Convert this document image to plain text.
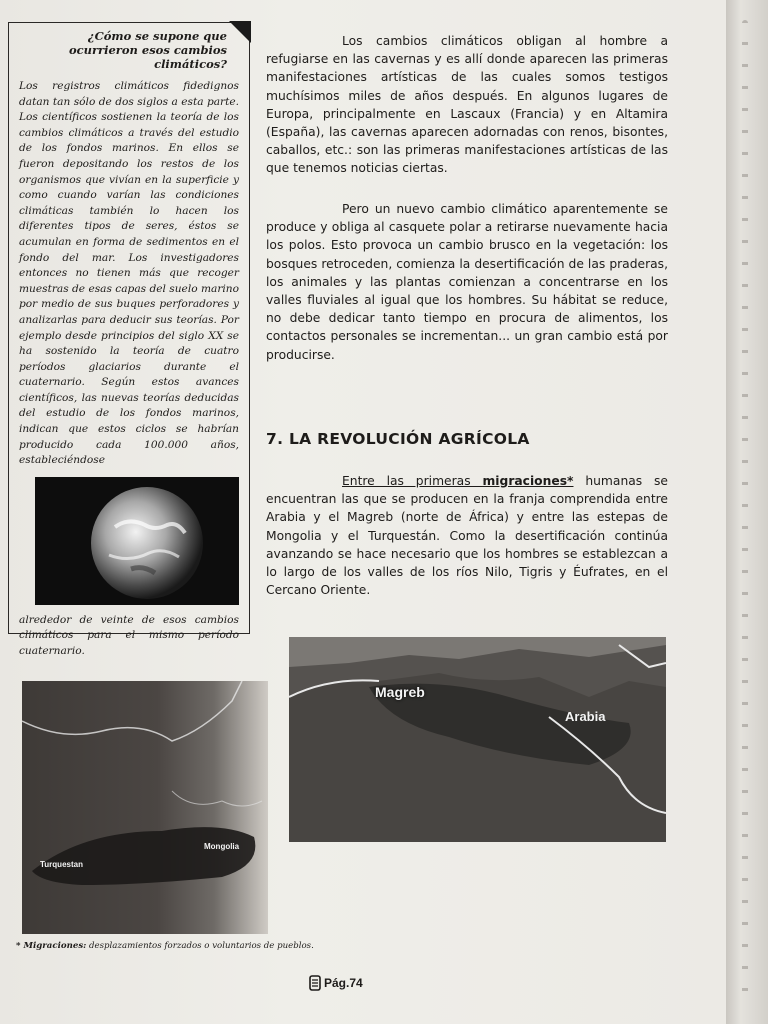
¿Cómo se supone que ocurrieron esos cambios climáticos?

Los registros climáticos fidedignos datan tan sólo de dos siglos a esta parte. Los científicos sostienen la teoría de los cambios climáticos a través del estudio de los fondos marinos. En ellos se fueron depositando los restos de los organismos que vivían en la superficie y como cuando varían las condiciones climáticas también lo hacen los diferentes tipos de seres, éstos se acumulan en forma de sedimentos en el fondo del mar. Los investigadores entonces no tienen más que recoger muestras de esas capas del suelo marino por medio de sus buques perforadores y analizarlas para deducir sus teorías. Por ejemplo desde principios del siglo XX se ha sostenido la teoría de cuatro períodos glaciarios durante el cuaternario. Según estos avances científicos, las nuevas teorías deducidas del estudio de los fondos marinos, indican que estos ciclos se habrían producido cada 100.000 años, estableciéndose

alrededor de veinte de esos cambios climáticos para el mismo período cuaternario.

Los cambios climáticos obligan al hombre a refugiarse en las cavernas y es allí donde aparecen las primeras manifestaciones artísticas de las cuales somos testigos muchísimos miles de años después. En algunos lugares de Europa, principalmente en Lascaux (Francia) y en Altamira (España), las cavernas aparecen adornadas con renos, bisontes, caballos, etc.: son las primeras manifestaciones artísticas de las que tenemos noticias ciertas.

Pero un nuevo cambio climático aparentemente se produce y obliga al casquete polar a retirarse nuevamente hacia los polos. Esto provoca un cambio brusco en la vegetación: los bosques retroceden, comienza la desertificación de las praderas, los animales y las plantas comienzan a concentrarse en los valles fluviales al igual que los hombres. Su hábitat se reduce, no debe dedicar tanto tiempo en procura de alimentos, los contactos personales se incrementan... un gran cambio está por producirse.

7. LA REVOLUCIÓN AGRÍCOLA

Entre las primeras migraciones* humanas se encuentran las que se producen en la franja comprendida entre Arabia y el Magreb (norte de África) y entre las estepas de Mongolia y el Turquestán. Como la desertificación continúa avanzando se hace necesario que los hombres se establezcan a lo largo de los valles de los ríos Nilo, Tigris y Éufrates, en el Cercano Oriente.

Magreb
Arabia
Mongolia
Turquestan
* Migraciones: desplazamientos forzados o voluntarios de pueblos.
Pág.74
